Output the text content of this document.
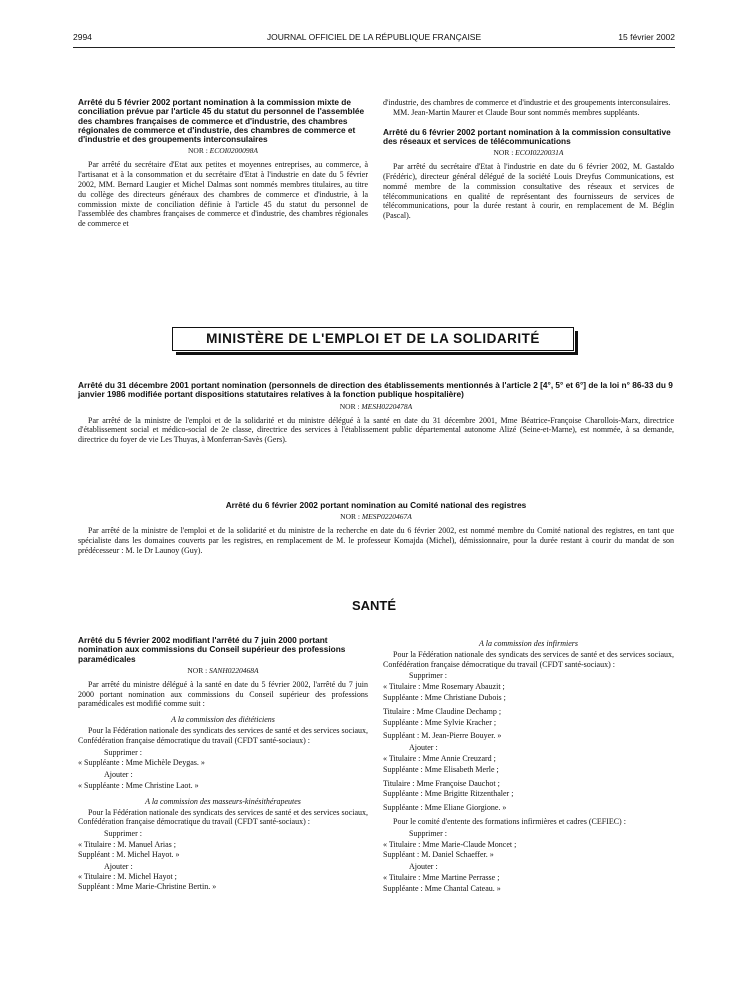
2994	JOURNAL OFFICIEL DE LA RÉPUBLIQUE FRANÇAISE	15 février 2002

Arrêté du 5 février 2002 portant nomination à la commission mixte de conciliation prévue par l'article 45 du statut du personnel de l'assemblée des chambres françaises de commerce et d'industrie, des chambres régionales de commerce et d'industrie, des chambres de commerce et d'industrie et des groupements interconsulaires

NOR : ECOI0200098A

Par arrêté du secrétaire d'Etat aux petites et moyennes entreprises, au commerce, à l'artisanat et à la consommation et du secrétaire d'Etat à l'industrie en date du 5 février 2002, MM. Bernard Laugier et Michel Dalmas sont nommés membres titulaires, au titre du collège des directeurs généraux des chambres de commerce et d'industrie, à la commission mixte de conciliation définie à l'article 45 du statut du personnel de l'assemblée des chambres françaises de commerce et d'industrie, des chambres régionales de commerce et

d'industrie, des chambres de commerce et d'industrie et des groupements interconsulaires.

MM. Jean-Martin Maurer et Claude Bour sont nommés membres suppléants.

Arrêté du 6 février 2002 portant nomination à la commission consultative des réseaux et services de télécommunications

NOR : ECOI0220031A

Par arrêté du secrétaire d'Etat à l'industrie en date du 6 février 2002, M. Gastaldo (Frédéric), directeur général délégué de la société Louis Dreyfus Communications, est nommé membre de la commission consultative des réseaux et services de télécommunications en qualité de représentant des fournisseurs de services de télécommunications, pour la durée restant à courir, en remplacement de M. Béglin (Pascal).

MINISTÈRE DE L'EMPLOI ET DE LA SOLIDARITÉ

Arrêté du 31 décembre 2001 portant nomination (personnels de direction des établissements mentionnés à l'article 2 [4°, 5° et 6°] de la loi n° 86-33 du 9 janvier 1986 modifiée portant dispositions statutaires relatives à la fonction publique hospitalière)

NOR : MESH0220478A

Par arrêté de la ministre de l'emploi et de la solidarité et du ministre délégué à la santé en date du 31 décembre 2001, Mme Béatrice-Françoise Charollois-Marx, directrice d'établissement social et médico-social de 2e classe, directrice des services à l'établissement public départemental autonome Alizé (Seine-et-Marne), est nommée, à sa demande, directrice du foyer de vie Les Thuyas, à Monferran-Savès (Gers).

Arrêté du 6 février 2002 portant nomination au Comité national des registres

NOR : MESP0220467A

Par arrêté de la ministre de l'emploi et de la solidarité et du ministre de la recherche en date du 6 février 2002, est nommé membre du Comité national des registres, en tant que spécialiste dans les domaines couverts par les registres, en remplacement de M. le professeur Komajda (Michel), démissionnaire, pour la durée restant à courir du mandat de son prédécesseur : M. le Dr Launoy (Guy).

SANTÉ

Arrêté du 5 février 2002 modifiant l'arrêté du 7 juin 2000 portant nomination aux commissions du Conseil supérieur des professions paramédicales

NOR : SANH0220468A

Par arrêté du ministre délégué à la santé en date du 5 février 2002, l'arrêté du 7 juin 2000 portant nomination aux commissions du Conseil supérieur des professions paramédicales est modifié comme suit :

A la commission des diététiciens

Pour la Fédération nationale des syndicats des services de santé et des services sociaux, Confédération française démocratique du travail (CFDT santé-sociaux) :

Supprimer :

« Suppléante : Mme Michèle Deygas. »

Ajouter :

« Suppléante : Mme Christine Laot. »

A la commission des masseurs-kinésithérapeutes

Pour la Fédération nationale des syndicats des services de santé et des services sociaux, Confédération française démocratique du travail (CFDT santé-sociaux) :

Supprimer :

« Titulaire : M. Manuel Arias ;

Suppléant : M. Michel Hayot. »

Ajouter :

« Titulaire : M. Michel Hayot ;

Suppléant : Mme Marie-Christine Bertin. »

A la commission des infirmiers

Pour la Fédération nationale des syndicats des services de santé et des services sociaux, Confédération française démocratique du travail (CFDT santé-sociaux) :

Supprimer :

« Titulaire : Mme Rosemary Abauzit ;

Suppléante : Mme Christiane Dubois ;

Titulaire : Mme Claudine Dechamp ;

Suppléante : Mme Sylvie Kracher ;

Suppléant : M. Jean-Pierre Bouyer. »

Ajouter :

« Titulaire : Mme Annie Creuzard ;

Suppléante : Mme Elisabeth Merle ;

Titulaire : Mme Françoise Dauchot ;

Suppléante : Mme Brigitte Ritzenthaler ;

Suppléante : Mme Eliane Giorgione. »

Pour le comité d'entente des formations infirmières et cadres (CEFIEC) :

Supprimer :

« Titulaire : Mme Marie-Claude Moncet ;

Suppléant : M. Daniel Schaeffer. »

Ajouter :

« Titulaire : Mme Martine Perrasse ;

Suppléante : Mme Chantal Cateau. »
